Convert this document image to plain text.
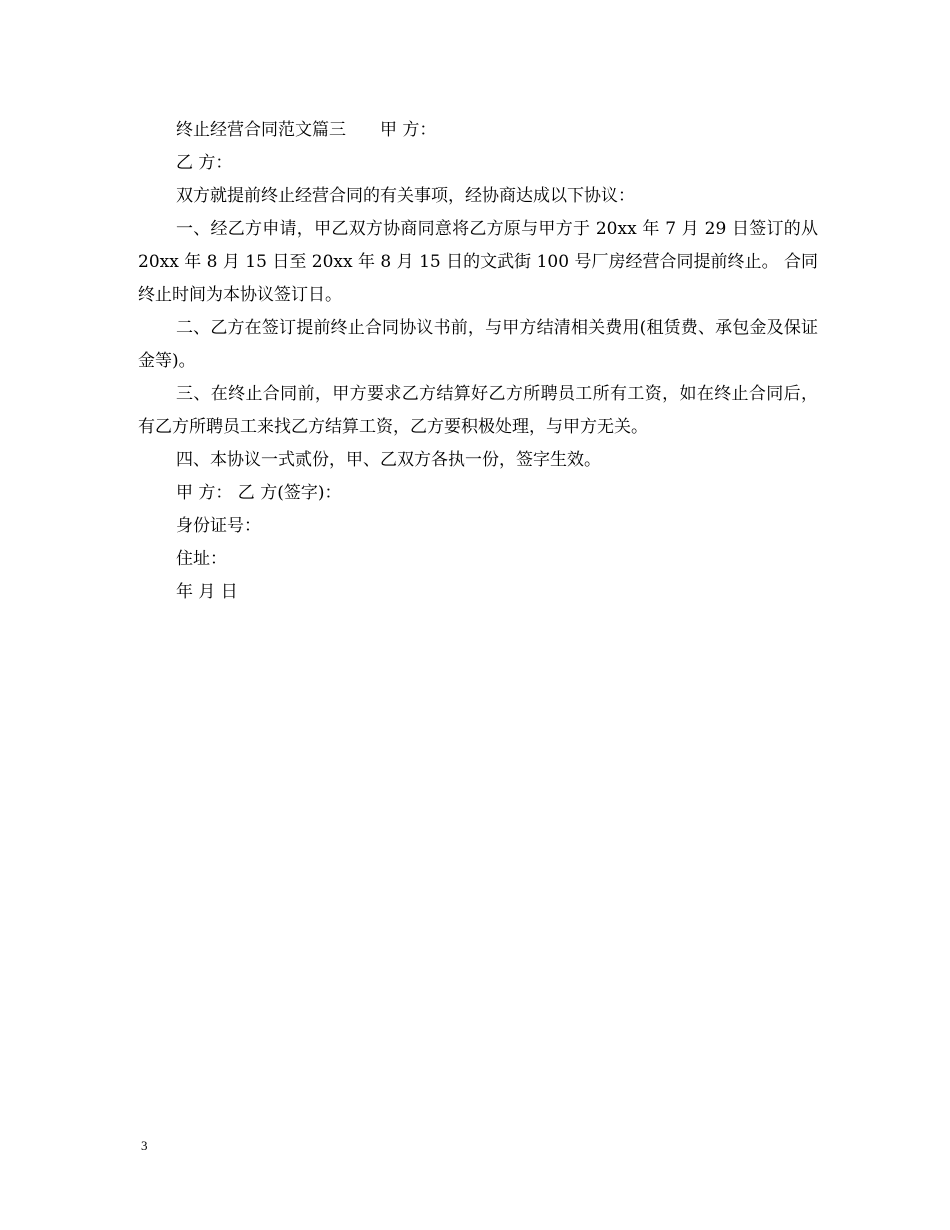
终止经营合同范文篇三　　甲 方：

乙 方：

双方就提前终止经营合同的有关事项，经协商达成以下协议：

一、经乙方申请，甲乙双方协商同意将乙方原与甲方于 20xx 年 7 月 29 日签订的从 20xx 年 8 月 15 日至 20xx 年 8 月 15 日的文武街 100 号厂房经营合同提前终止。 合同终止时间为本协议签订日。

二、乙方在签订提前终止合同协议书前，与甲方结清相关费用(租赁费、承包金及保证金等)。

三、在终止合同前，甲方要求乙方结算好乙方所聘员工所有工资，如在终止合同后，有乙方所聘员工来找乙方结算工资，乙方要积极处理，与甲方无关。

四、本协议一式贰份，甲、乙双方各执一份，签字生效。

甲 方： 乙 方(签字)：

身份证号：

住址：

年 月 日

3
